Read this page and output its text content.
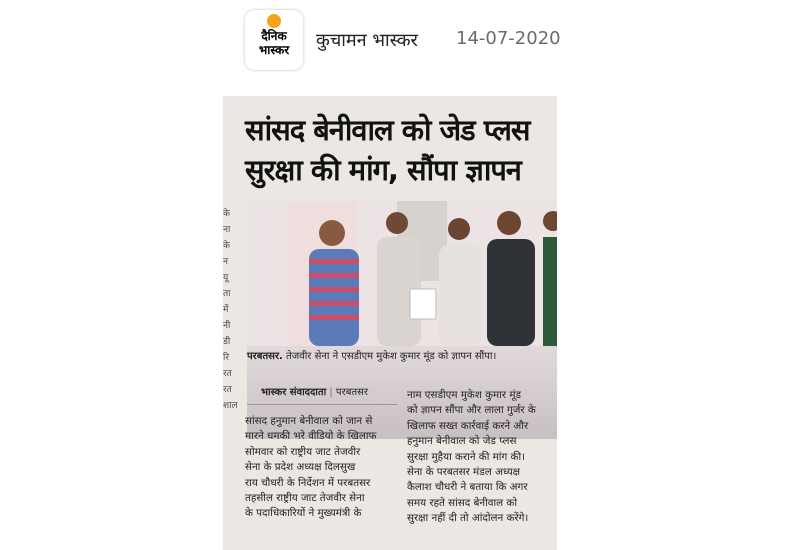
दैनिक
भास्कर	कुचामन भास्कर 14-07-2020
के
ना
के
न
यू
ता
में
नी
डी
रि
रत
रत
शाल
सांसद बेनीवाल को जेड प्लस
सुरक्षा की मांग, सौंपा ज्ञापन
परबतसर. तेजवीर सेना ने एसडीएम मुकेश कुमार मूंड को ज्ञापन सौंपा।
भास्कर संवाददाता | परबतसर

सांसद हनुमान बेनीवाल को जान से

मारने धमकी भरे वीडियो के खिलाफ

सोमवार को राष्ट्रीय जाट तेजवीर

सेना के प्रदेश अध्यक्ष दिलसुख

राय चौधरी के निर्देशन में परबतसर

तहसील राष्ट्रीय जाट तेजवीर सेना

के पदाधिकारियों ने मुख्यमंत्री के

नाम एसडीएम मुकेश कुमार मूंड

को ज्ञापन सौंपा और लाला गुर्जर के

खिलाफ सख्त कार्रवाई करने और

हनुमान बेनीवाल को जेड प्लस

सुरक्षा मुहैया कराने की मांग की।

सेना के परबतसर मंडल अध्यक्ष

कैलाश चौधरी ने बताया कि अगर

समय रहते सांसद बेनीवाल को

सुरक्षा नहीं दी तो आंदोलन करेंगे।
